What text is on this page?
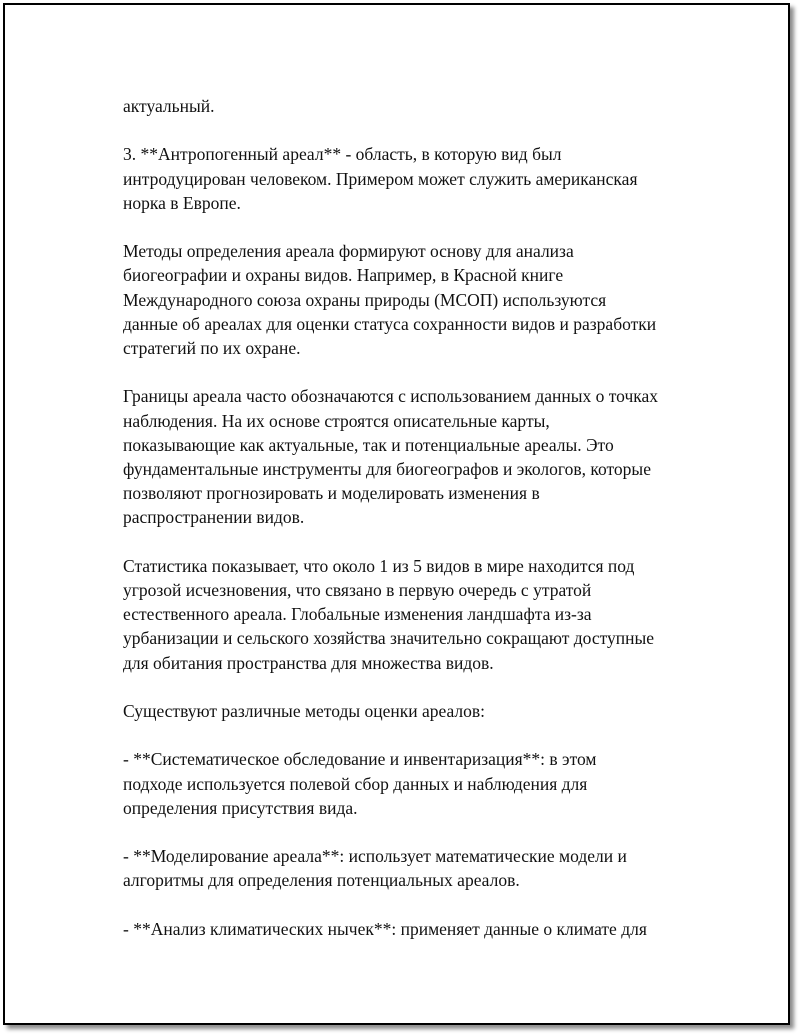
актуальный.

3. **Антропогенный ареал** - область, в которую вид был
интродуцирован человеком. Примером может служить американская
норка в Европе.

Методы определения ареала формируют основу для анализа
биогеографии и охраны видов. Например, в Красной книге
Международного союза охраны природы (МСОП) используются
данные об ареалах для оценки статуса сохранности видов и разработки
стратегий по их охране.

Границы ареала часто обозначаются с использованием данных о точках
наблюдения. На их основе строятся описательные карты,
показывающие как актуальные, так и потенциальные ареалы. Это
фундаментальные инструменты для биогеографов и экологов, которые
позволяют прогнозировать и моделировать изменения в
распространении видов.

Статистика показывает, что около 1 из 5 видов в мире находится под
угрозой исчезновения, что связано в первую очередь с утратой
естественного ареала. Глобальные изменения ландшафта из-за
урбанизации и сельского хозяйства значительно сокращают доступные
для обитания пространства для множества видов.

Существуют различные методы оценки ареалов:

- **Систематическое обследование и инвентаризация**: в этом
подходе используется полевой сбор данных и наблюдения для
определения присутствия вида.

- **Моделирование ареала**: использует математические модели и
алгоритмы для определения потенциальных ареалов.

- **Анализ климатических нычек**: применяет данные о климате для
